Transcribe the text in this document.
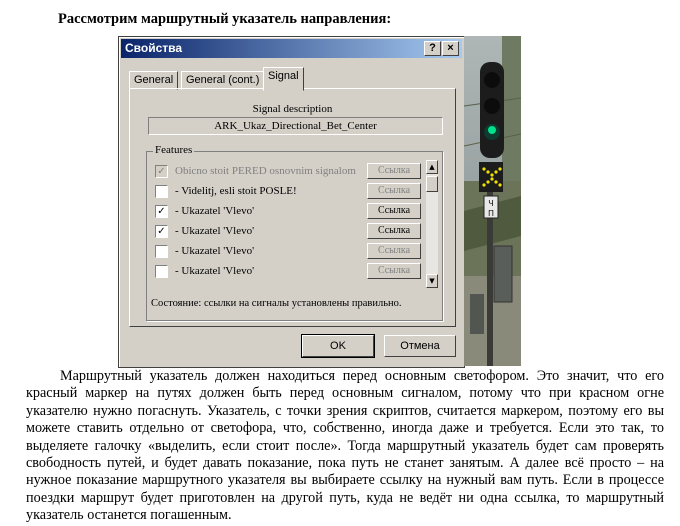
Рассмотрим маршрутный указатель направления:
Свойства	?	×
General	General (cont.) Signal
Signal description
ARK_Ukaz_Directional_Bet_Center
Features
✓ Obicno stoit PERED osnovnim signalom	Ссылка
- Videlitj, esli stoit POSLE!	Ссылка
✓ - Ukazatel 'Vlevo'	Ссылка
✓ - Ukazatel 'Vlevo'	Ссылка
- Ukazatel 'Vlevo'	Ссылка
- Ukazatel 'Vlevo'	Ссылка
▲
▼
Состояние: ссылки на сигналы установлены правильно.
OK	Отмена
Ч
П
Маршрутный указатель должен находиться перед основным светофором. Это значит, что его красный маркер на путях должен быть перед основным сигналом, потому что при красном огне указателю нужно погаснуть. Указатель, с точки зрения скриптов, считается маркером, поэтому его вы можете ставить отдельно от светофора, что, собственно, иногда даже и требуется. Если это так, то выделяете галочку «выделить, если стоит после». Тогда маршрутный указатель будет сам проверять свободность путей, и будет давать показание, пока путь не станет занятым. А далее всё просто – на нужное показание маршрутного указателя вы выбираете ссылку на нужный вам путь. Если в процессе поездки маршрут будет приготовлен на другой путь, куда не ведёт ни одна ссылка, то маршрутный указатель останется погашенным.
